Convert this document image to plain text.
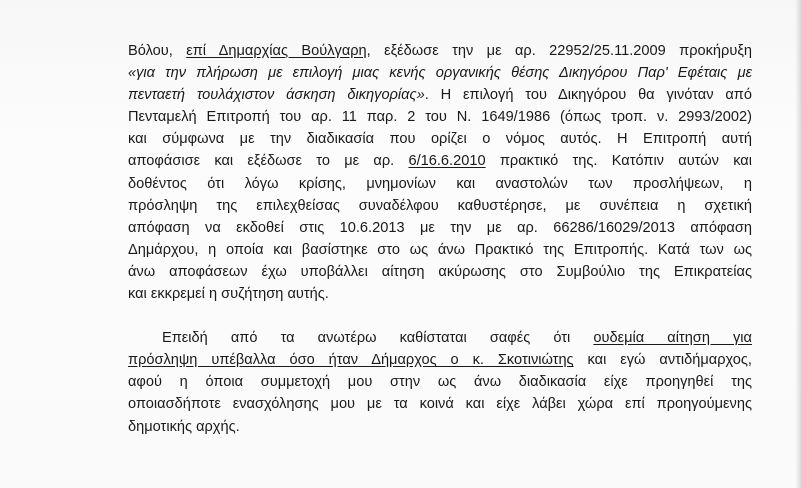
Βόλου, επί Δημαρχίας Βούλγαρη, εξέδωσε την με αρ. 22952/25.11.2009 προκήρυξη
«για την πλήρωση με επιλογή μιας κενής οργανικής θέσης Δικηγόρου Παρ' Εφέταις με
πενταετή τουλάχιστον άσκηση δικηγορίας». Η επιλογή του Δικηγόρου θα γινόταν από
Πενταμελή Επιτροπή του αρ. 11 παρ. 2 του Ν. 1649/1986 (όπως τροπ. ν. 2993/2002)
και σύμφωνα με την διαδικασία που ορίζει ο νόμος αυτός. Η Επιτροπή αυτή
αποφάσισε και εξέδωσε το με αρ. 6/16.6.2010 πρακτικό της. Κατόπιν αυτών και
δοθέντος ότι λόγω κρίσης, μνημονίων και αναστολών των προσλήψεων, η
πρόσληψη της επιλεχθείσας συναδέλφου καθυστέρησε, με συνέπεια η σχετική
απόφαση να εκδοθεί στις 10.6.2013 με την με αρ. 66286/16029/2013 απόφαση
Δημάρχου, η οποία και βασίστηκε στο ως άνω Πρακτικό της Επιτροπής. Κατά των ως
άνω αποφάσεων έχω υποβάλλει αίτηση ακύρωσης στο Συμβούλιο της Επικρατείας
και εκκρεμεί η συζήτηση αυτής.
Επειδή από τα ανωτέρω καθίσταται σαφές ότι ουδεμία αίτηση για
πρόσληψη υπέβαλλα όσο ήταν Δήμαρχος ο κ. Σκοτινιώτης και εγώ αντιδήμαρχος,
αφού η όποια συμμετοχή μου στην ως άνω διαδικασία είχε προηγηθεί της
οποιασδήποτε ενασχόλησης μου με τα κοινά και είχε λάβει χώρα επί προηγούμενης
δημοτικής αρχής.
